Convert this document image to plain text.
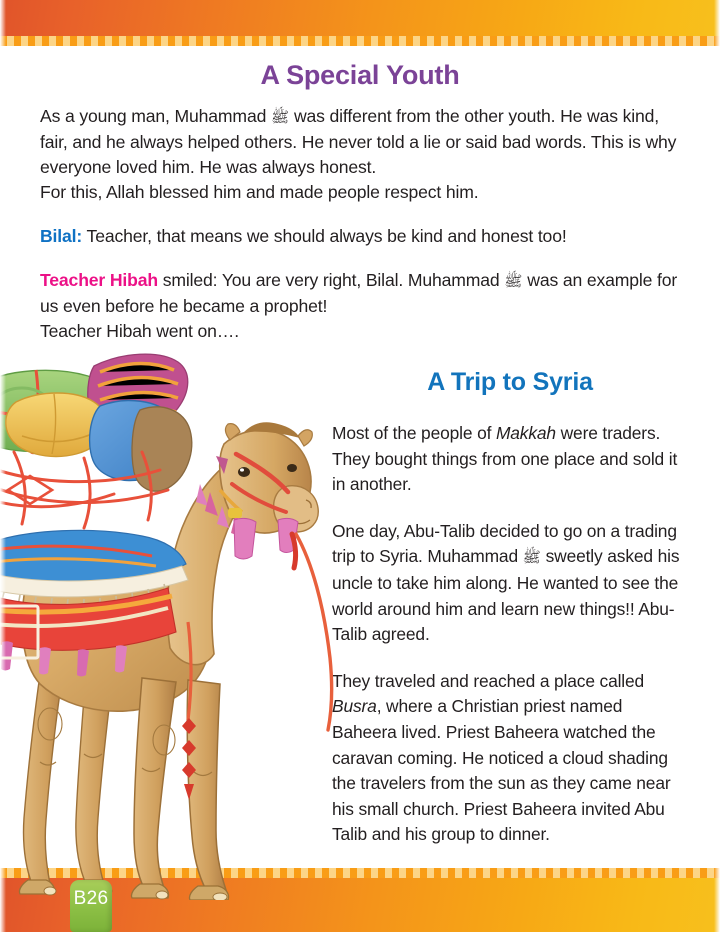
B26
A Special Youth

As a young man, Muhammad ﷺ was different from the other youth. He was kind, fair, and he always helped others. He never told a lie or said bad words. This is why everyone loved him. He was always honest.
For this, Allah blessed him and made people respect him.

Bilal: Teacher, that means we should always be kind and honest too!

Teacher Hibah smiled: You are very right, Bilal. Muhammad ﷺ was an example for us even before he became a prophet!
Teacher Hibah went on….

A Trip to Syria

Most of the people of Makkah were traders. They bought things from one place and sold it in another.

One day, Abu-Talib decided to go on a trading trip to Syria. Muhammad ﷺ sweetly asked his uncle to take him along. He wanted to see the world around him and learn new things!! Abu-Talib agreed.

They traveled and reached a place called Busra, where a Christian priest named Baheera lived. Priest Baheera watched the caravan coming. He noticed a cloud shading the travelers from the sun as they came near his small church. Priest Baheera invited Abu Talib and his group to dinner.
